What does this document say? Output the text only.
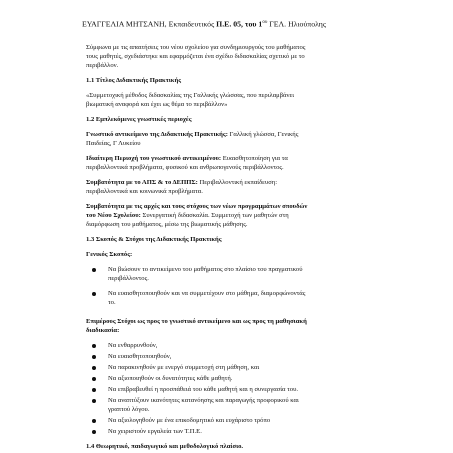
ΕΥΑΓΓΕΛΙΑ ΜΗΤΣΑΝΗ, Εκπαιδευτικός Π.Ε. 05, του $1^{o\upsilon}$ ΓΕΛ. Ηλιούπολης
Σύμφωνα με τις απαιτήσεις του νέου σχολείου για συνδημιουργούς του μαθήματος
τους μαθητές, σχεδιάστηκε και εφαρμόζεται ένα σχέδιο διδασκαλίας σχετικό με το
περιβάλλον.
1.1 Τίτλος Διδακτικής Πρακτικής
«Συμμετοχική μέθοδος διδασκαλίας της Γαλλικής γλώσσας, που περιλαμβάνει
βιωματική αναφορά και έχει ως θέμα το περιβάλλον»
1.2 Εμπλεκόμενες γνωστικές περιοχές
Γνωστικό αντικείμενο της Διδακτικής Πρακτικής: Γαλλική γλώσσα, Γενικής
Παιδείας, Γ Λυκείου
Ιδιαίτερη Περιοχή του γνωστικού αντικειμένου: Ευαισθητοποίηση για τα
περιβαλλοντικά προβλήματα, φυσικού και ανθρωπογενούς περιβάλλοντος.
Συμβατότητα με το ΑΠΣ & το ΔΕΠΠΣ: Περιβαλλοντική εκπαίδευση:
περιβαλλοντικά και κοινωνικά προβλήματα.
Συμβατότητα με τις αρχές και τους στόχους των νέων προγραμμάτων σπουδών
του Νέου Σχολείου: Συνεργατική διδασκαλία. Συμμετοχή των μαθητών στη
διαμόρφωση του μαθήματος, μέσω της βιωματικής μάθησης.
1.3 Σκοπός & Στόχοι της Διδακτικής Πρακτικής
Γενικός Σκοπός:
Να βιώσουν το αντικείμενο του μαθήματος στο πλαίσιο του πραγματικού
περιβάλλοντος.
Να ευαισθητοποιηθούν και να συμμετέχουν στο μάθημα, διαμορφώνοντάς
το.
Επιμέρους Στόχοι ως προς το γνωστικό αντικείμενο και ως προς τη μαθησιακή
διαδικασία:
Να ενθαρρυνθούν,
Να ευαισθητοποιηθούν,
Να παρακινηθούν με ενεργό συμμετοχή στη μάθηση, και
Να αξιοποιηθούν οι δυνατότητες κάθε μαθητή.
Να επιβραβευθεί η προσπάθειά του κάθε μαθητή και η συνεργασία του.
Να αναπτύξουν ικανότητες κατανόησης και παραγωγής προφορικού και
γραπτού λόγου.
Να αξιολογηθούν με ένα επικοδομητικό και ευχάριστο τρόπο
Να χειριστούν εργαλεία των Τ.Π.Ε.
1.4 Θεωρητικό, παιδαγωγικό και μεθοδολογικό πλαίσιο.
